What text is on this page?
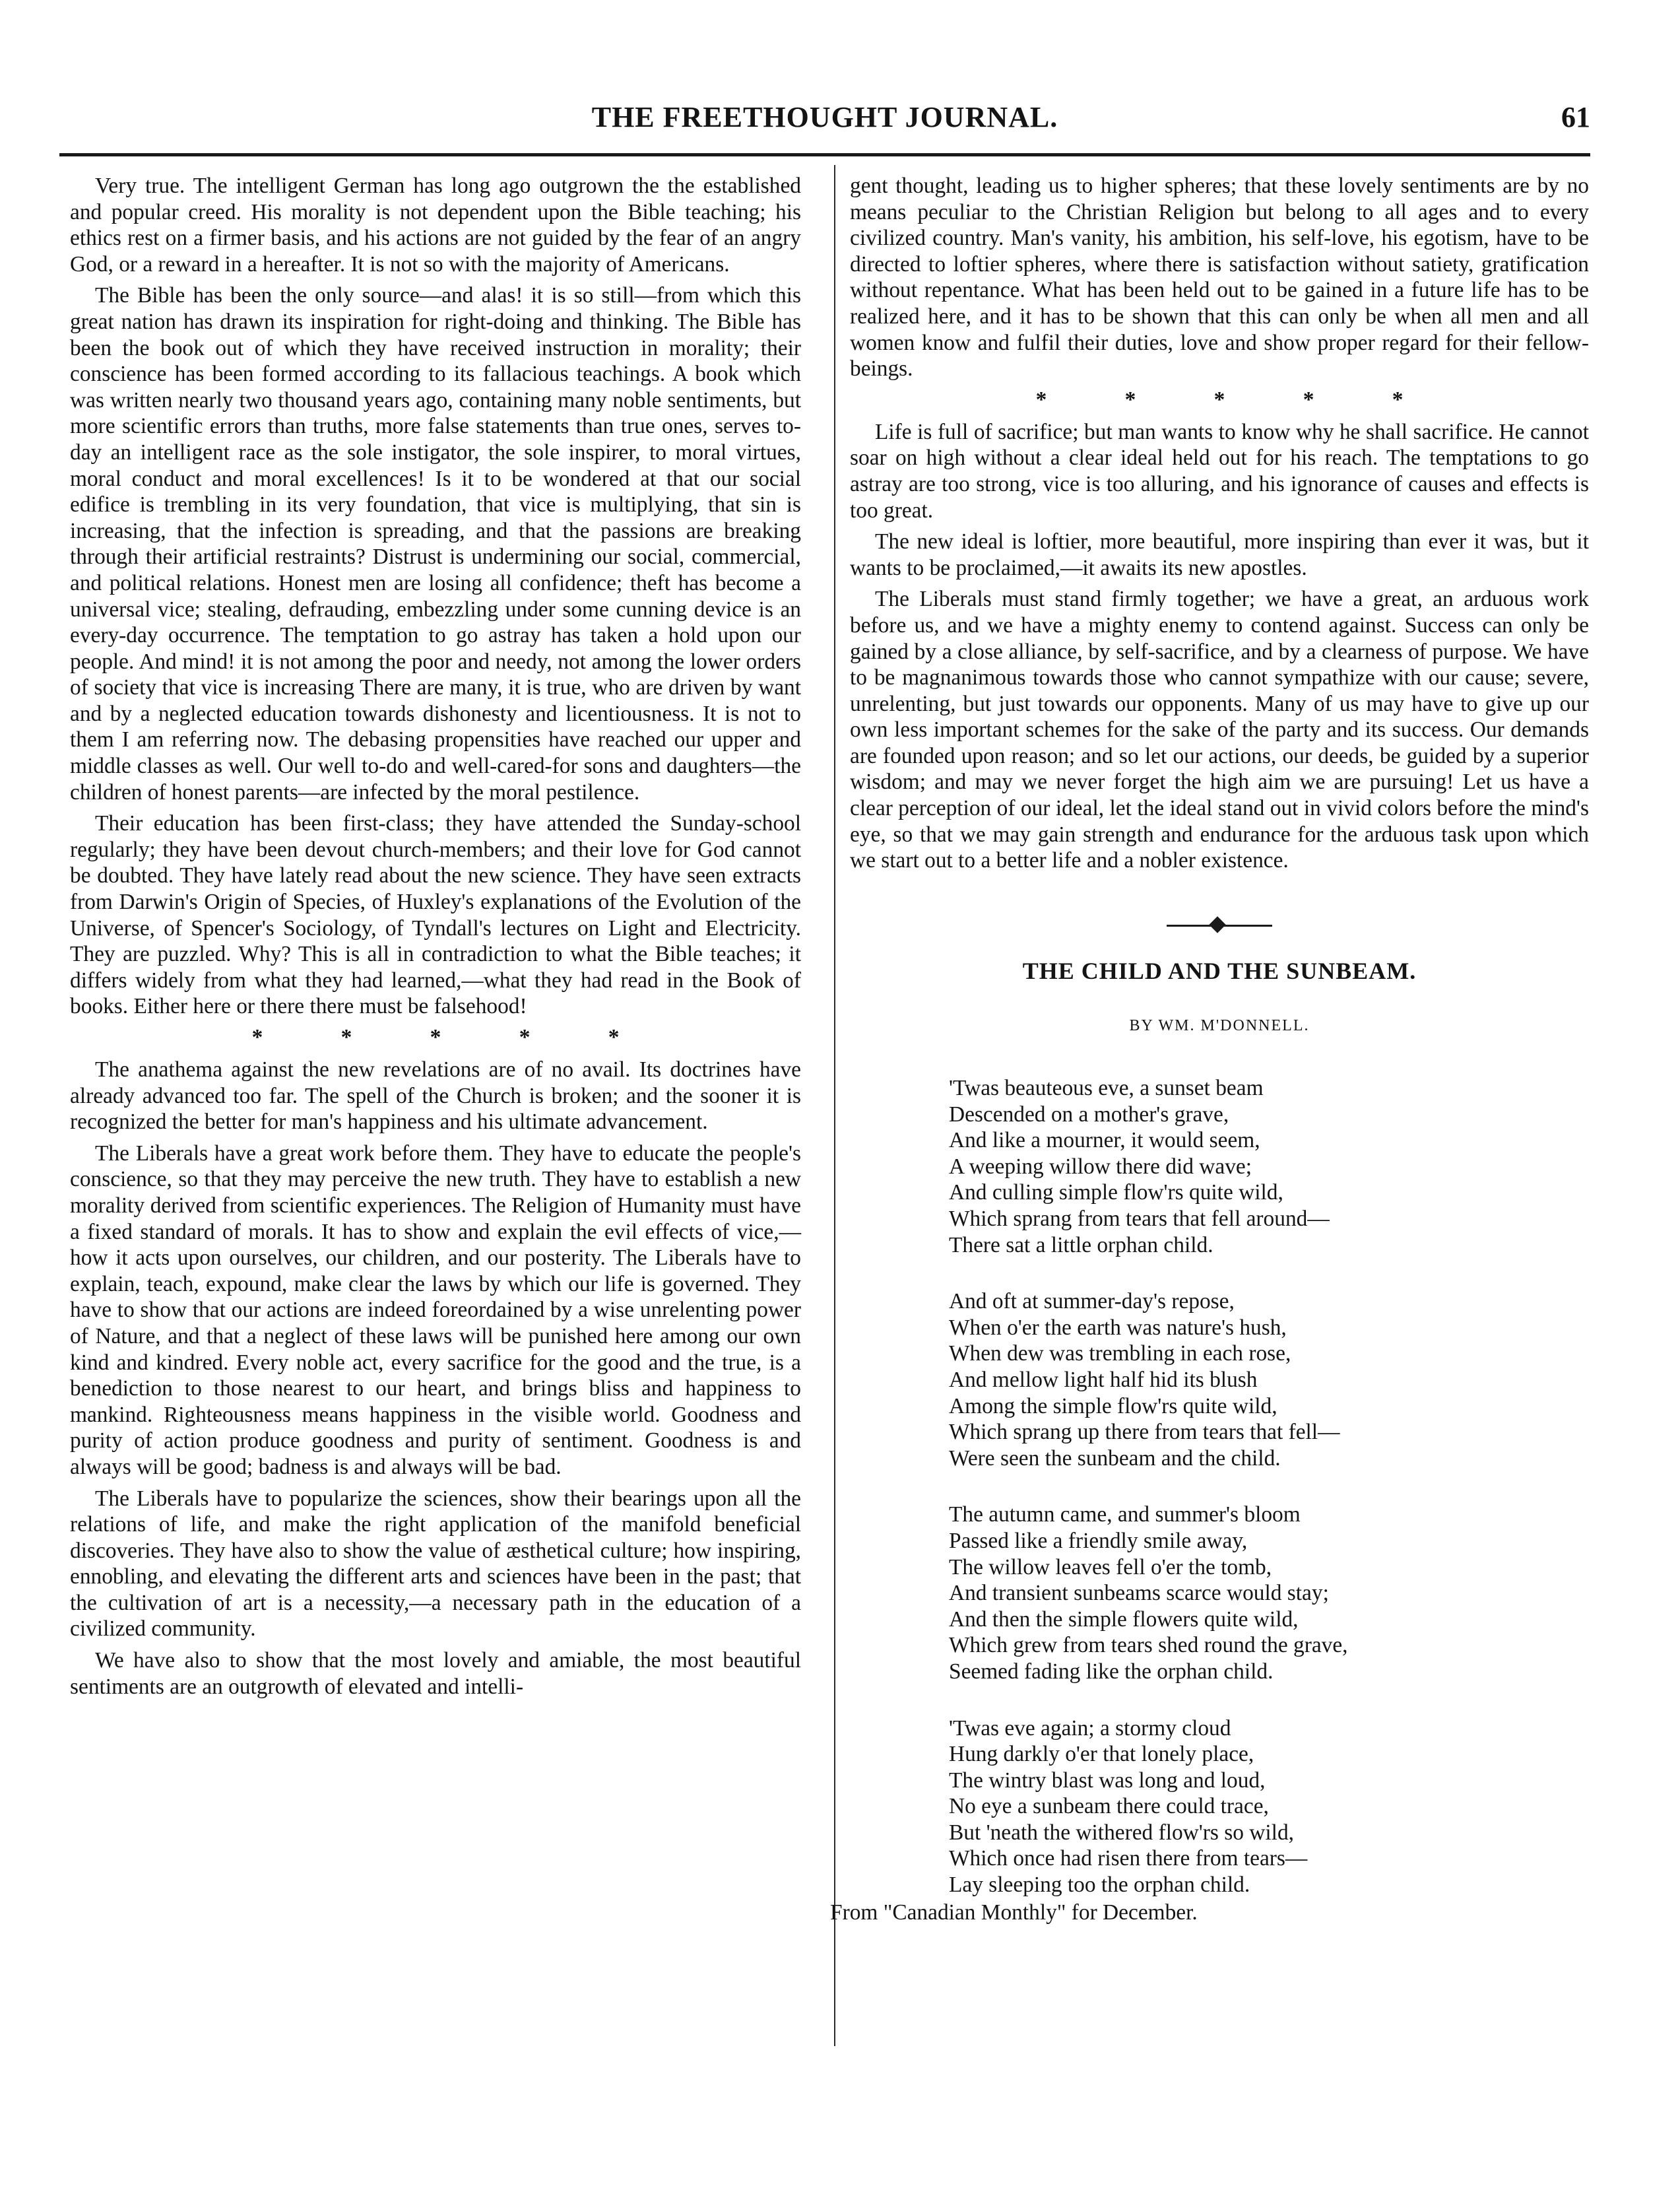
THE FREETHOUGHT JOURNAL.	61

Very true. The intelligent German has long ago outgrown the the established and popular creed. His morality is not dependent upon the Bible teaching; his ethics rest on a firmer basis, and his actions are not guided by the fear of an angry God, or a reward in a hereafter. It is not so with the majority of Americans.

The Bible has been the only source—and alas! it is so still—from which this great nation has drawn its inspiration for right-doing and thinking. The Bible has been the book out of which they have received instruction in morality; their conscience has been formed according to its fallacious teachings. A book which was written nearly two thousand years ago, containing many noble sentiments, but more scientific errors than truths, more false statements than true ones, serves to-day an intelligent race as the sole instigator, the sole inspirer, to moral virtues, moral conduct and moral excellences! Is it to be wondered at that our social edifice is trembling in its very foundation, that vice is multiplying, that sin is increasing, that the infection is spreading, and that the passions are breaking through their artificial restraints? Distrust is undermining our social, commercial, and political relations. Honest men are losing all confidence; theft has become a universal vice; stealing, defrauding, embezzling under some cunning device is an every-day occurrence. The temptation to go astray has taken a hold upon our people. And mind! it is not among the poor and needy, not among the lower orders of society that vice is increasing There are many, it is true, who are driven by want and by a neglected education towards dishonesty and licentiousness. It is not to them I am referring now. The debasing propensities have reached our upper and middle classes as well. Our well to-do and well-cared-for sons and daughters—the children of honest parents—are infected by the moral pestilence.

Their education has been first-class; they have attended the Sunday-school regularly; they have been devout church-members; and their love for God cannot be doubted. They have lately read about the new science. They have seen extracts from Darwin's Origin of Species, of Huxley's explanations of the Evolution of the Universe, of Spencer's Sociology, of Tyndall's lectures on Light and Electricity. They are puzzled. Why? This is all in contradiction to what the Bible teaches; it differs widely from what they had learned,—what they had read in the Book of books. Either here or there there must be falsehood!

* * * * *

The anathema against the new revelations are of no avail. Its doctrines have already advanced too far. The spell of the Church is broken; and the sooner it is recognized the better for man's happiness and his ultimate advancement.

The Liberals have a great work before them. They have to educate the people's conscience, so that they may perceive the new truth. They have to establish a new morality derived from scientific experiences. The Religion of Humanity must have a fixed standard of morals. It has to show and explain the evil effects of vice,—how it acts upon ourselves, our children, and our posterity. The Liberals have to explain, teach, expound, make clear the laws by which our life is governed. They have to show that our actions are indeed foreordained by a wise unrelenting power of Nature, and that a neglect of these laws will be punished here among our own kind and kindred. Every noble act, every sacrifice for the good and the true, is a benediction to those nearest to our heart, and brings bliss and happiness to mankind. Righteousness means happiness in the visible world. Goodness and purity of action produce goodness and purity of sentiment. Goodness is and always will be good; badness is and always will be bad.

The Liberals have to popularize the sciences, show their bearings upon all the relations of life, and make the right application of the manifold beneficial discoveries. They have also to show the value of æsthetical culture; how inspiring, ennobling, and elevating the different arts and sciences have been in the past; that the cultivation of art is a necessity,—a necessary path in the education of a civilized community.

We have also to show that the most lovely and amiable, the most beautiful sentiments are an outgrowth of elevated and intelli-

gent thought, leading us to higher spheres; that these lovely sentiments are by no means peculiar to the Christian Religion but belong to all ages and to every civilized country. Man's vanity, his ambition, his self-love, his egotism, have to be directed to loftier spheres, where there is satisfaction without satiety, gratification without repentance. What has been held out to be gained in a future life has to be realized here, and it has to be shown that this can only be when all men and all women know and fulfil their duties, love and show proper regard for their fellow-beings.

* * * * *

Life is full of sacrifice; but man wants to know why he shall sacrifice. He cannot soar on high without a clear ideal held out for his reach. The temptations to go astray are too strong, vice is too alluring, and his ignorance of causes and effects is too great.

The new ideal is loftier, more beautiful, more inspiring than ever it was, but it wants to be proclaimed,—it awaits its new apostles.

The Liberals must stand firmly together; we have a great, an arduous work before us, and we have a mighty enemy to contend against. Success can only be gained by a close alliance, by self-sacrifice, and by a clearness of purpose. We have to be magnanimous towards those who cannot sympathize with our cause; severe, unrelenting, but just towards our opponents. Many of us may have to give up our own less important schemes for the sake of the party and its success. Our demands are founded upon reason; and so let our actions, our deeds, be guided by a superior wisdom; and may we never forget the high aim we are pursuing! Let us have a clear perception of our ideal, let the ideal stand out in vivid colors before the mind's eye, so that we may gain strength and endurance for the arduous task upon which we start out to a better life and a nobler existence.

THE CHILD AND THE SUNBEAM.
BY WM. M'DONNELL.
'Twas beauteous eve, a sunset beam
Descended on a mother's grave,
And like a mourner, it would seem,
A weeping willow there did wave;
And culling simple flow'rs quite wild,
Which sprang from tears that fell around—
There sat a little orphan child.
And oft at summer-day's repose,
When o'er the earth was nature's hush,
When dew was trembling in each rose,
And mellow light half hid its blush
Among the simple flow'rs quite wild,
Which sprang up there from tears that fell—
Were seen the sunbeam and the child.
The autumn came, and summer's bloom
Passed like a friendly smile away,
The willow leaves fell o'er the tomb,
And transient sunbeams scarce would stay;
And then the simple flowers quite wild,
Which grew from tears shed round the grave,
Seemed fading like the orphan child.
'Twas eve again; a stormy cloud
Hung darkly o'er that lonely place,
The wintry blast was long and loud,
No eye a sunbeam there could trace,
But 'neath the withered flow'rs so wild,
Which once had risen there from tears—
Lay sleeping too the orphan child.
From "Canadian Monthly" for December.
